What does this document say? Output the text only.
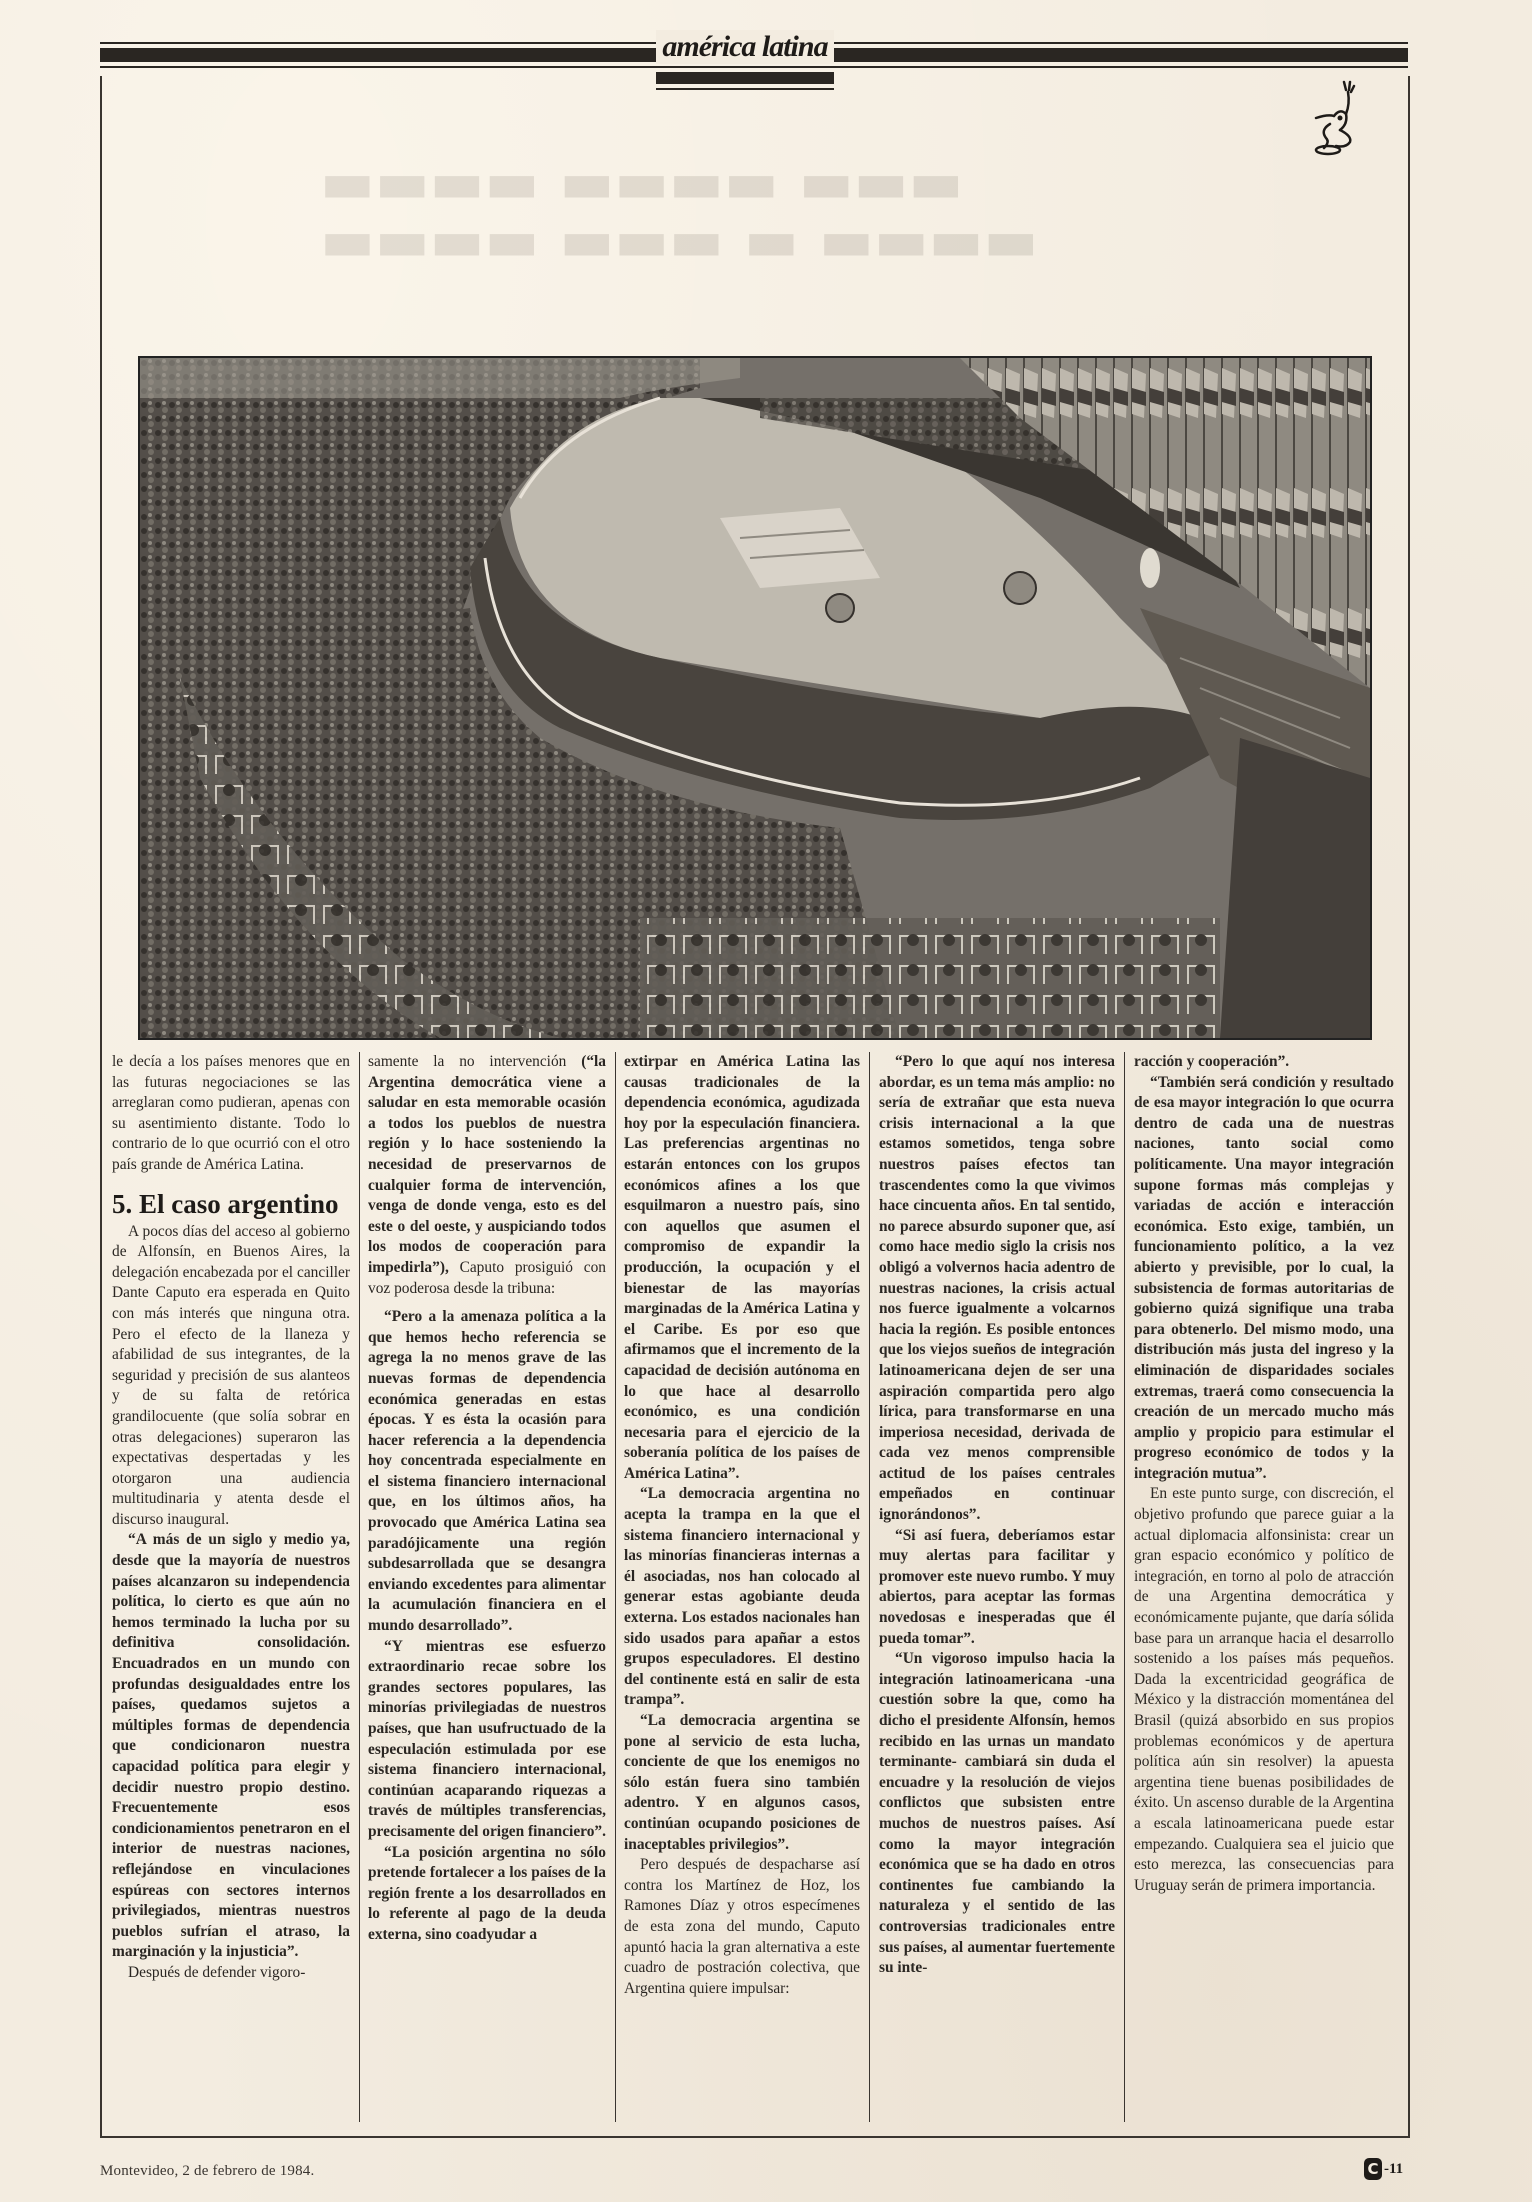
▬▬▬ ▬▬▬▬ ▬▬▬▬
▬▬▬▬ ▬ ▬▬▬ ▬▬▬▬
américa latina

le decía a los países menores que en las futuras negociaciones se las arreglaran como pudieran, apenas con su asentimiento distante. Todo lo contrario de lo que ocurrió con el otro país grande de América Latina.

5. El caso argentino

A pocos días del acceso al gobierno de Alfonsín, en Buenos Aires, la delegación encabezada por el canciller Dante Caputo era esperada en Quito con más interés que ninguna otra. Pero el efecto de la llaneza y afabilidad de sus integrantes, de la seguridad y precisión de sus alanteos y de su falta de retórica grandilocuente (que solía sobrar en otras delegaciones) superaron las expectativas despertadas y les otorgaron una audiencia multitudinaria y atenta desde el discurso inaugural.

“A más de un siglo y medio ya, desde que la mayoría de nuestros países alcanzaron su independencia política, lo cierto es que aún no hemos terminado la lucha por su definitiva consolidación. Encuadrados en un mundo con profundas desigualdades entre los países, quedamos sujetos a múltiples formas de dependencia que condicionaron nuestra capacidad política para elegir y decidir nuestro propio destino. Frecuentemente esos condicionamientos penetraron en el interior de nuestras naciones, reflejándose en vinculaciones espúreas con sectores internos privilegiados, mientras nuestros pueblos sufrían el atraso, la marginación y la injusticia”.

Después de defender vigoro-

samente la no intervención (“la Argentina democrática viene a saludar en esta memorable ocasión a todos los pueblos de nuestra región y lo hace sosteniendo la necesidad de preservarnos de cualquier forma de intervención, venga de donde venga, esto es del este o del oeste, y auspiciando todos los modos de cooperación para impedirla”), Caputo prosiguió con voz poderosa desde la tribuna:

“Pero a la amenaza política a la que hemos hecho referencia se agrega la no menos grave de las nuevas formas de dependencia económica generadas en estas épocas. Y es ésta la ocasión para hacer referencia a la dependencia hoy concentrada especialmente en el sistema financiero internacional que, en los últimos años, ha provocado que América Latina sea paradójicamente una región subdesarrollada que se desangra enviando excedentes para alimentar la acumulación financiera en el mundo desarrollado”.

“Y mientras ese esfuerzo extraordinario recae sobre los grandes sectores populares, las minorías privilegiadas de nuestros países, que han usufructuado de la especulación estimulada por ese sistema financiero internacional, continúan acaparando riquezas a través de múltiples transferencias, precisamente del origen financiero”.

“La posición argentina no sólo pretende fortalecer a los países de la región frente a los desarrollados en lo referente al pago de la deuda externa, sino coadyudar a

extirpar en América Latina las causas tradicionales de la dependencia económica, agudizada hoy por la especulación financiera. Las preferencias argentinas no estarán entonces con los grupos económicos afines a los que esquilmaron a nuestro país, sino con aquellos que asumen el compromiso de expandir la producción, la ocupación y el bienestar de las mayorías marginadas de la América Latina y el Caribe. Es por eso que afirmamos que el incremento de la capacidad de decisión autónoma en lo que hace al desarrollo económico, es una condición necesaria para el ejercicio de la soberanía política de los países de América Latina”.

“La democracia argentina no acepta la trampa en la que el sistema financiero internacional y las minorías financieras internas a él asociadas, nos han colocado al generar estas agobiante deuda externa. Los estados nacionales han sido usados para apañar a estos grupos especuladores. El destino del continente está en salir de esta trampa”.

“La democracia argentina se pone al servicio de esta lucha, conciente de que los enemigos no sólo están fuera sino también adentro. Y en algunos casos, continúan ocupando posiciones de inaceptables privilegios”.

Pero después de despacharse así contra los Martínez de Hoz, los Ramones Díaz y otros especímenes de esta zona del mundo, Caputo apuntó hacia la gran alternativa a este cuadro de postración colectiva, que Argentina quiere impulsar:

“Pero lo que aquí nos interesa abordar, es un tema más amplio: no sería de extrañar que esta nueva crisis internacional a la que estamos sometidos, tenga sobre nuestros países efectos tan trascendentes como la que vivimos hace cincuenta años. En tal sentido, no parece absurdo suponer que, así como hace medio siglo la crisis nos obligó a volvernos hacia adentro de nuestras naciones, la crisis actual nos fuerce igualmente a volcarnos hacia la región. Es posible entonces que los viejos sueños de integración latinoamericana dejen de ser una aspiración compartida pero algo lírica, para transformarse en una imperiosa necesidad, derivada de cada vez menos comprensible actitud de los países centrales empeñados en continuar ignorándonos”.

“Si así fuera, deberíamos estar muy alertas para facilitar y promover este nuevo rumbo. Y muy abiertos, para aceptar las formas novedosas e inesperadas que él pueda tomar”.

“Un vigoroso impulso hacia la integración latinoamericana -una cuestión sobre la que, como ha dicho el presidente Alfonsín, hemos recibido en las urnas un mandato terminante- cambiará sin duda el encuadre y la resolución de viejos conflictos que subsisten entre muchos de nuestros países. Así como la mayor integración económica que se ha dado en otros continentes fue cambiando la naturaleza y el sentido de las controversias tradicionales entre sus países, al aumentar fuertemente su inte-

racción y cooperación”.

“También será condición y resultado de esa mayor integración lo que ocurra dentro de cada una de nuestras naciones, tanto social como políticamente. Una mayor integración supone formas más complejas y variadas de acción e interacción económica. Esto exige, también, un funcionamiento político, a la vez abierto y previsible, por lo cual, la subsistencia de formas autoritarias de gobierno quizá signifique una traba para obtenerlo. Del mismo modo, una distribución más justa del ingreso y la eliminación de disparidades sociales extremas, traerá como consecuencia la creación de un mercado mucho más amplio y propicio para estimular el progreso económico de todos y la integración mutua”.

En este punto surge, con discreción, el objetivo profundo que parece guiar a la actual diplomacia alfonsinista: crear un gran espacio económico y político de integración, en torno al polo de atracción de una Argentina democrática y económicamente pujante, que daría sólida base para un arranque hacia el desarrollo sostenido a los países más pequeños. Dada la excentricidad geográfica de México y la distracción momentánea del Brasil (quizá absorbido en sus propios problemas económicos y de apertura política aún sin resolver) la apuesta argentina tiene buenas posibilidades de éxito. Un ascenso durable de la Argentina a escala latinoamericana puede estar empezando. Cualquiera sea el juicio que esto merezca, las consecuencias para Uruguay serán de primera importancia.

Montevideo, 2 de febrero de 1984.	C -11
